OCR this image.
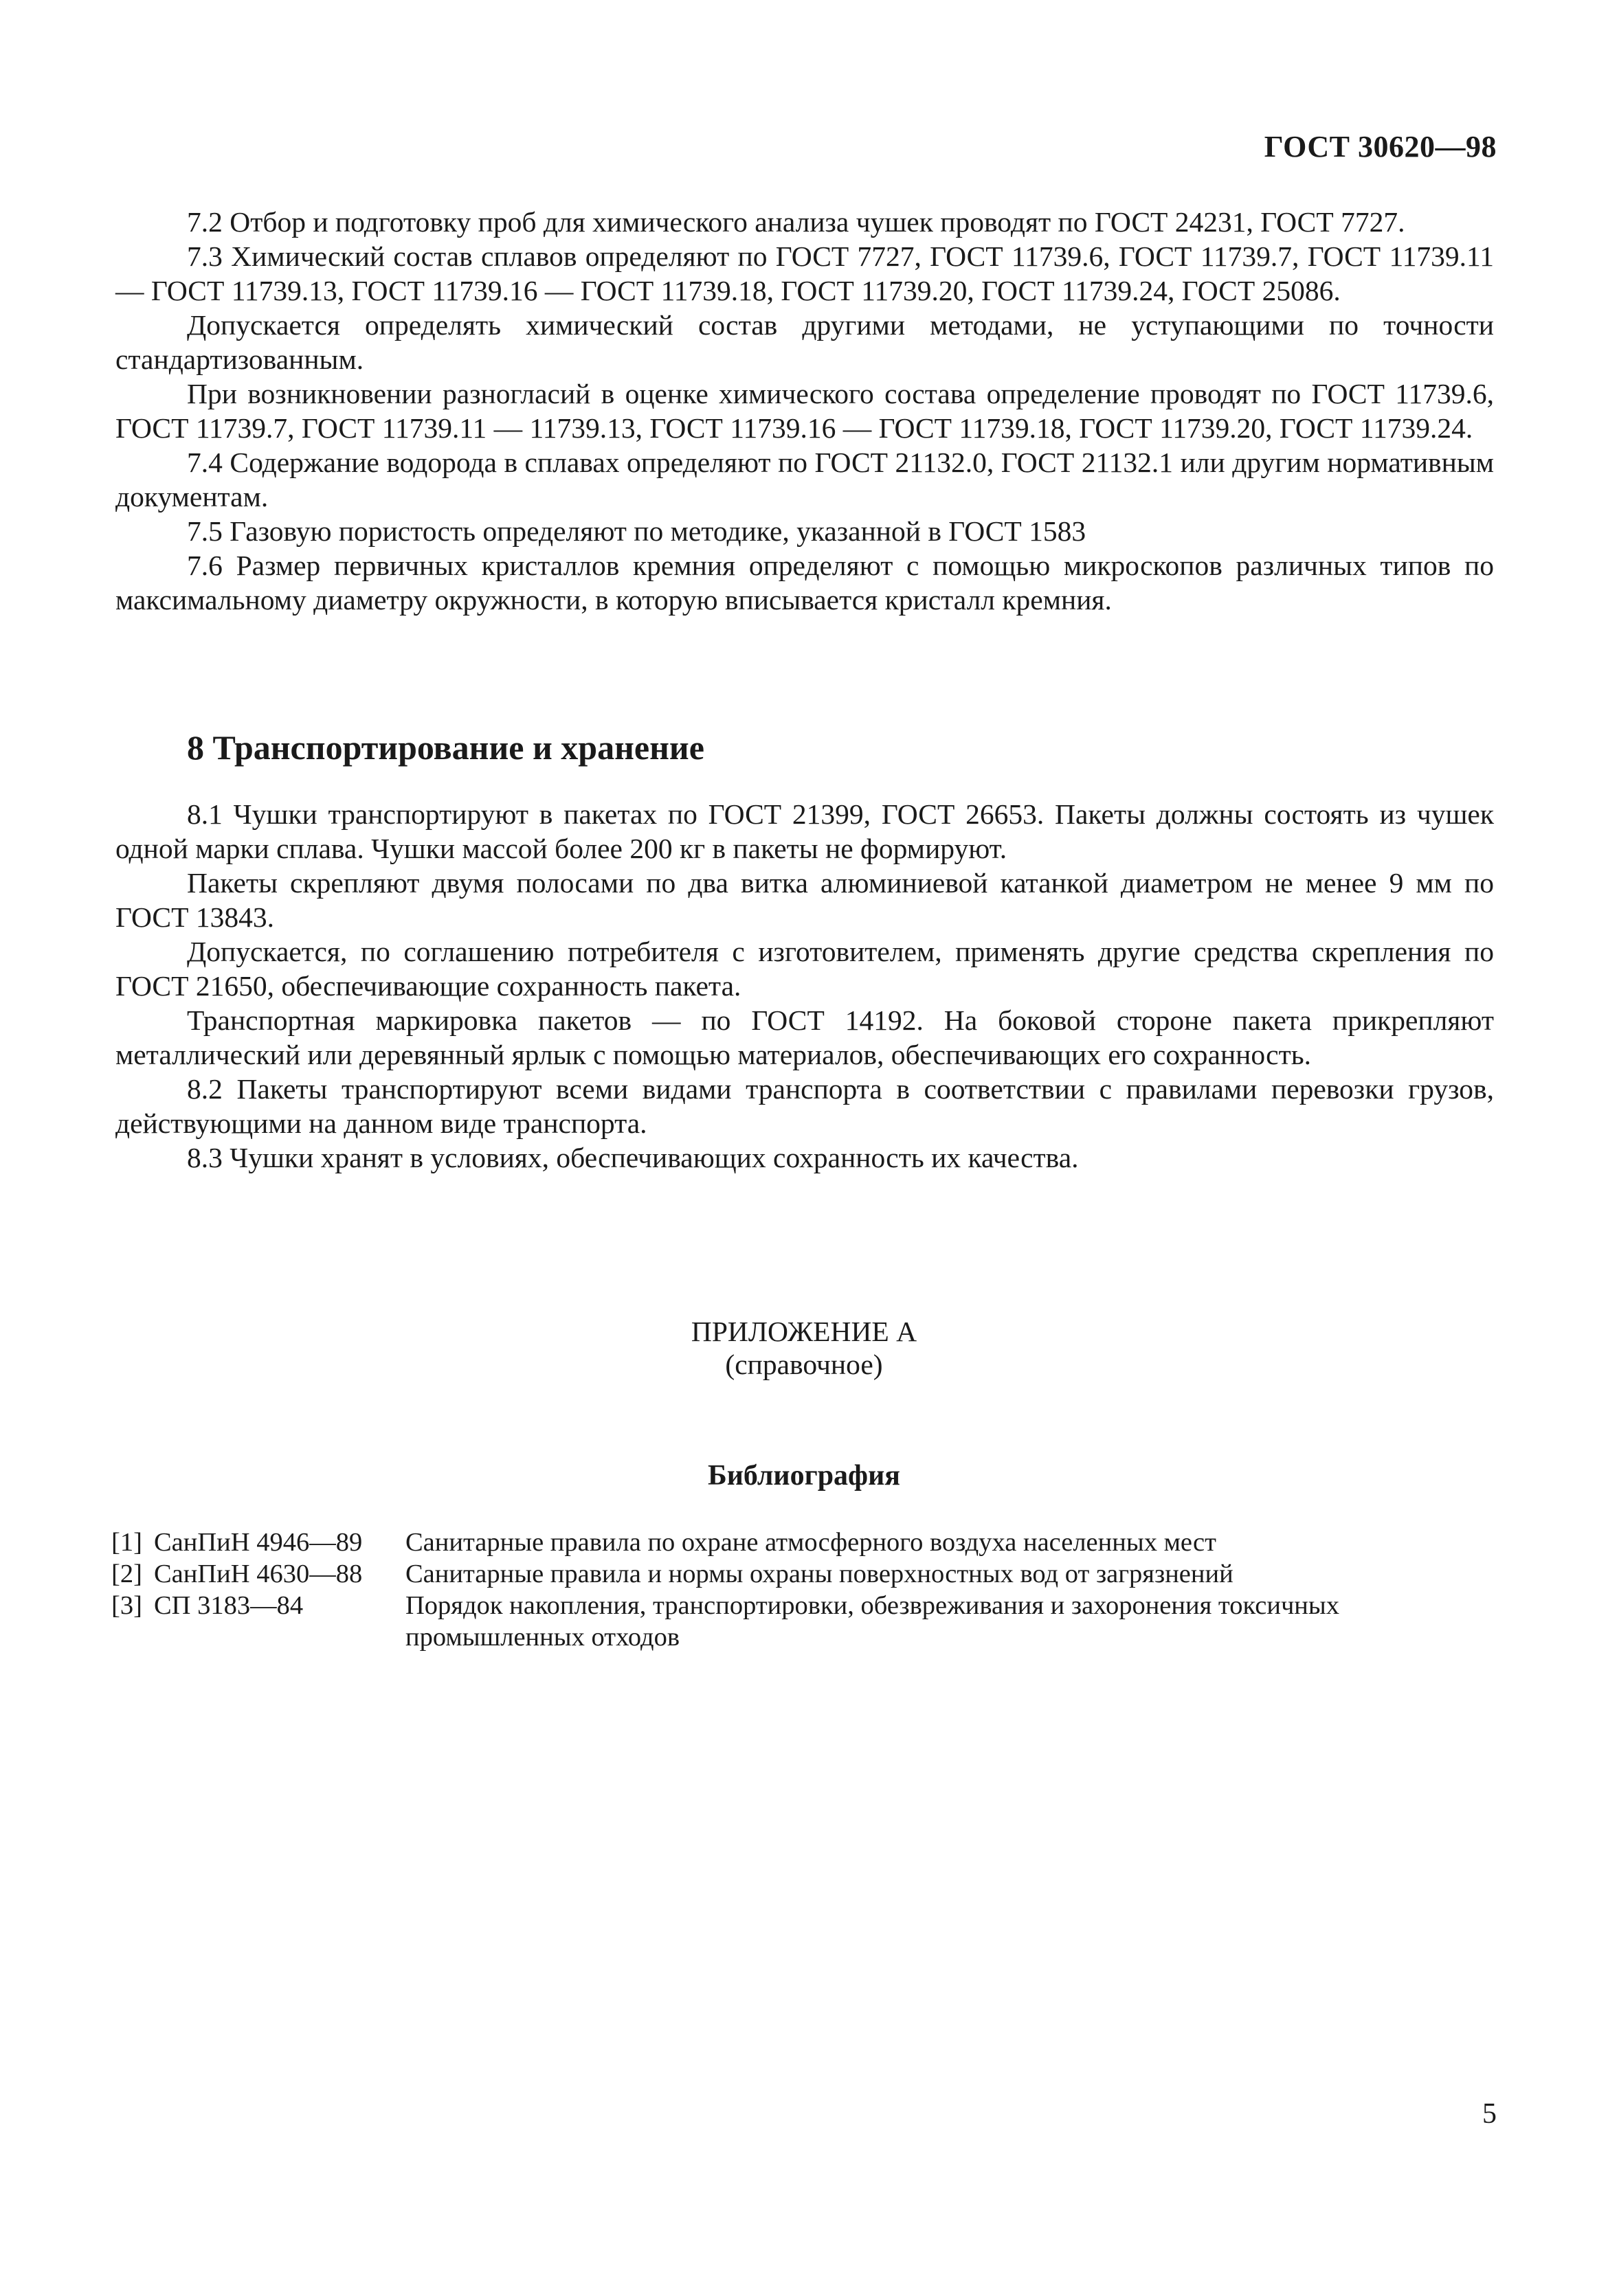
ГОСТ 30620—98

7.2 Отбор и подготовку проб для химического анализа чушек проводят по ГОСТ 24231, ГОСТ 7727.

7.3 Химический состав сплавов определяют по ГОСТ 7727, ГОСТ 11739.6, ГОСТ 11739.7, ГОСТ 11739.11 — ГОСТ 11739.13, ГОСТ 11739.16 — ГОСТ 11739.18, ГОСТ 11739.20, ГОСТ 11739.24, ГОСТ 25086.

Допускается определять химический состав другими методами, не уступающими по точности стандартизованным.

При возникновении разногласий в оценке химического состава определение проводят по ГОСТ 11739.6, ГОСТ 11739.7, ГОСТ 11739.11 — 11739.13, ГОСТ 11739.16 — ГОСТ 11739.18, ГОСТ 11739.20, ГОСТ 11739.24.

7.4 Содержание водорода в сплавах определяют по ГОСТ 21132.0, ГОСТ 21132.1 или другим нормативным документам.

7.5 Газовую пористость определяют по методике, указанной в ГОСТ 1583

7.6 Размер первичных кристаллов кремния определяют с помощью микроскопов различных типов по максимальному диаметру окружности, в которую вписывается кристалл кремния.

8 Транспортирование и хранение

8.1 Чушки транспортируют в пакетах по ГОСТ 21399, ГОСТ 26653. Пакеты должны состоять из чушек одной марки сплава. Чушки массой более 200 кг в пакеты не формируют.

Пакеты скрепляют двумя полосами по два витка алюминиевой катанкой диаметром не менее 9 мм по ГОСТ 13843.

Допускается, по соглашению потребителя с изготовителем, применять другие средства скрепления по ГОСТ 21650, обеспечивающие сохранность пакета.

Транспортная маркировка пакетов — по ГОСТ 14192. На боковой стороне пакета прикрепляют металлический или деревянный ярлык с помощью материалов, обеспечивающих его сохранность.

8.2 Пакеты транспортируют всеми видами транспорта в соответствии с правилами перевозки грузов, действующими на данном виде транспорта.

8.3 Чушки хранят в условиях, обеспечивающих сохранность их качества.

ПРИЛОЖЕНИЕ А
(справочное)
Библиография
[1] СанПиН 4946—89	Санитарные правила по охране атмосферного воздуха населенных мест
[2] СанПиН 4630—88	Санитарные правила и нормы охраны поверхностных вод от загрязнений
[3] СП 3183—84	Порядок накопления, транспортировки, обезвреживания и захоронения токсичных промышленных отходов
5
